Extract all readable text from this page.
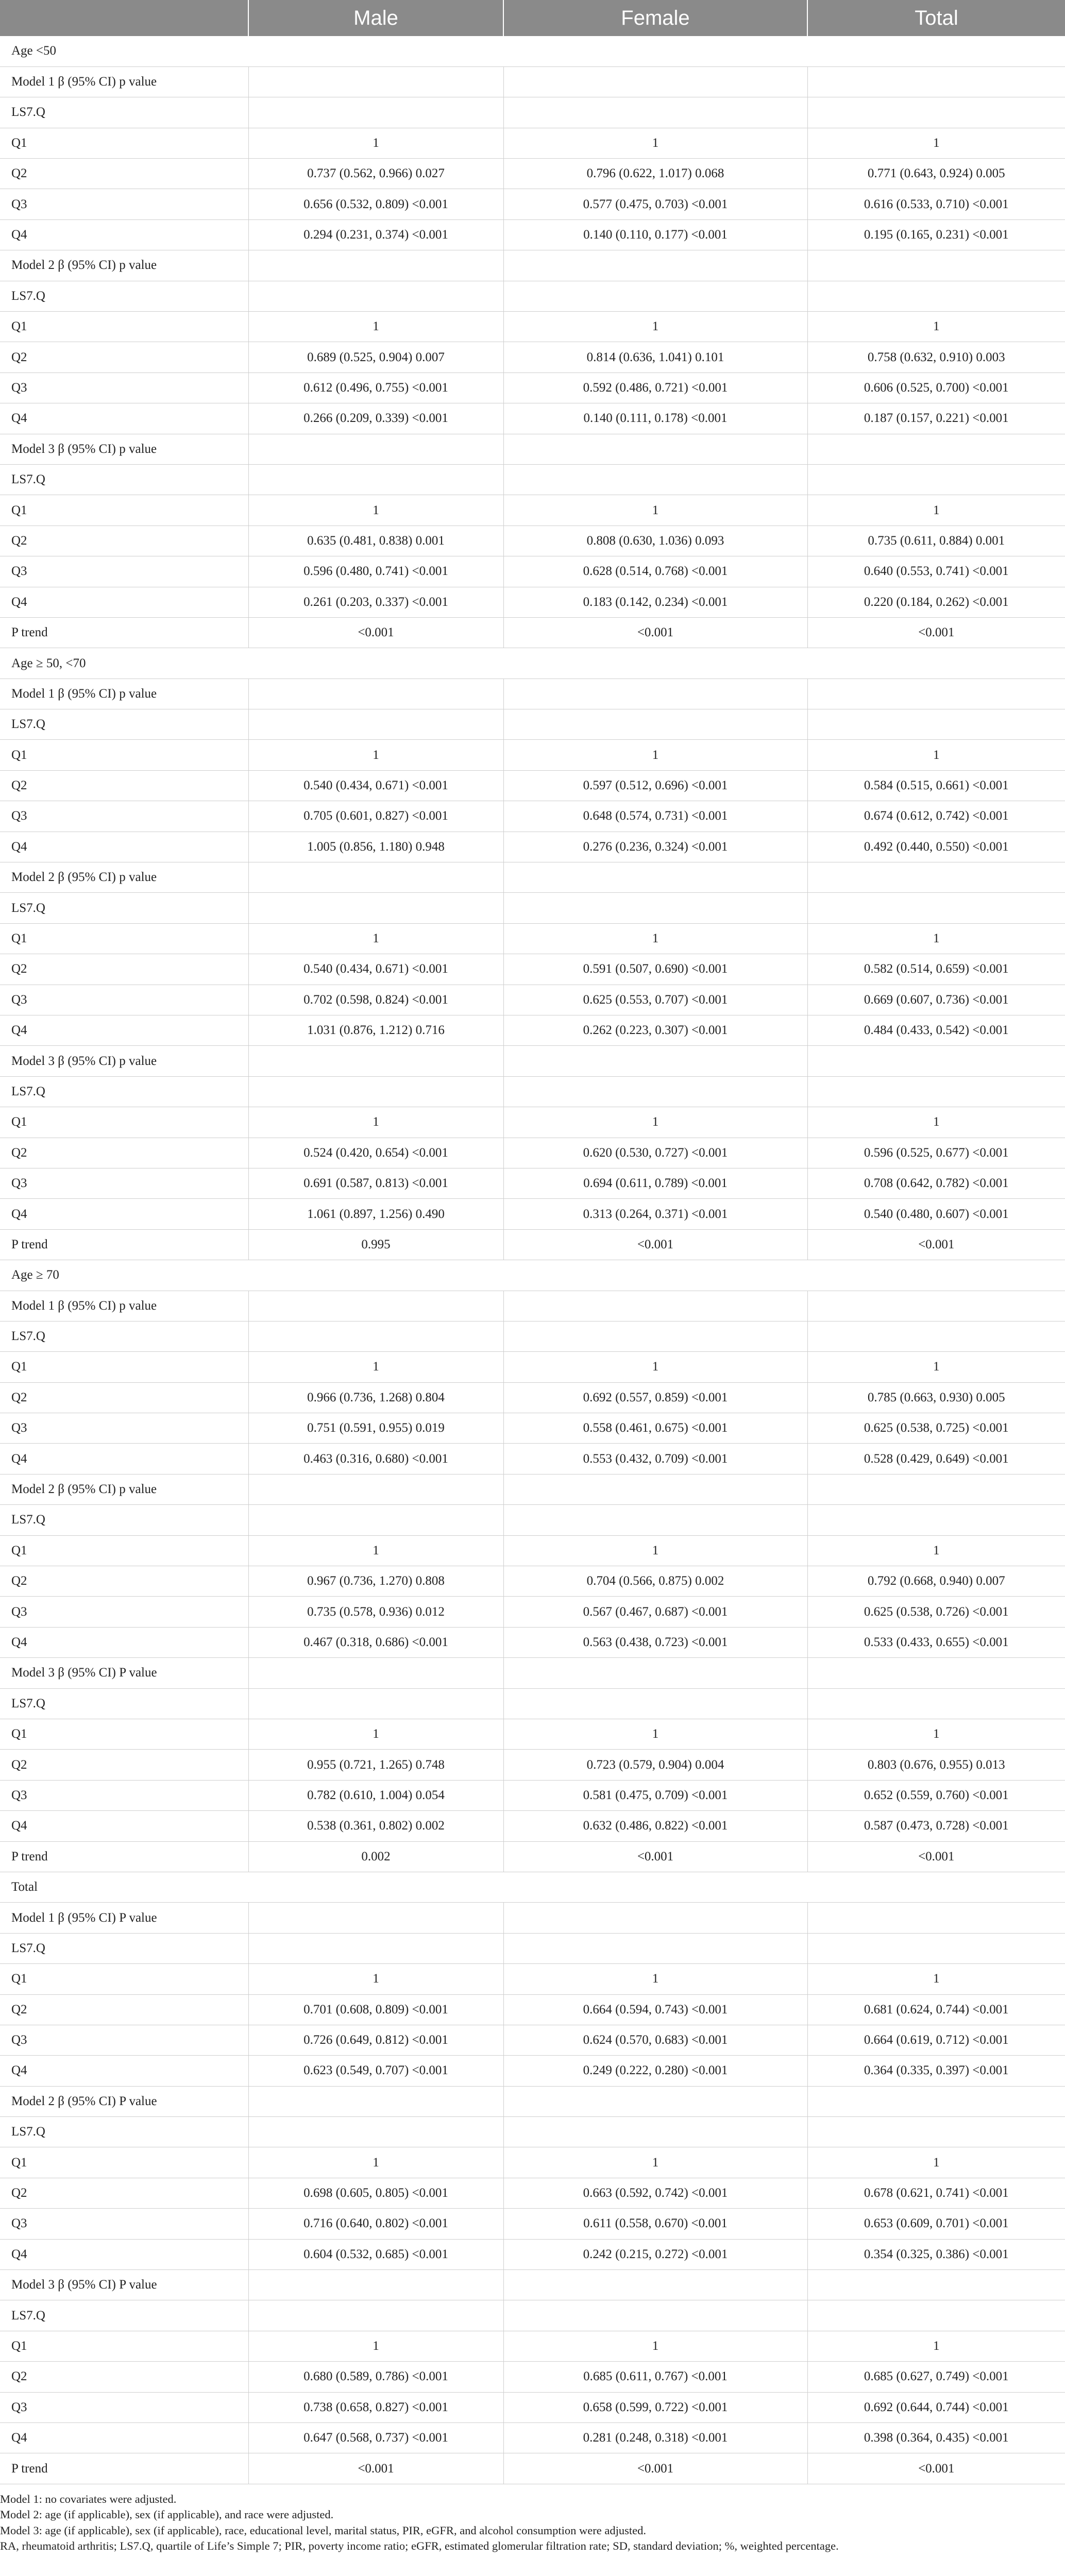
	Male	Female	Total
Age <50			
Model 1 β (95% CI) p value			
LS7.Q			
Q1	1	1	1
Q2	0.737 (0.562, 0.966) 0.027	0.796 (0.622, 1.017) 0.068	0.771 (0.643, 0.924) 0.005
Q3	0.656 (0.532, 0.809) <0.001	0.577 (0.475, 0.703) <0.001	0.616 (0.533, 0.710) <0.001
Q4	0.294 (0.231, 0.374) <0.001	0.140 (0.110, 0.177) <0.001	0.195 (0.165, 0.231) <0.001
Model 2 β (95% CI) p value			
LS7.Q			
Q1	1	1	1
Q2	0.689 (0.525, 0.904) 0.007	0.814 (0.636, 1.041) 0.101	0.758 (0.632, 0.910) 0.003
Q3	0.612 (0.496, 0.755) <0.001	0.592 (0.486, 0.721) <0.001	0.606 (0.525, 0.700) <0.001
Q4	0.266 (0.209, 0.339) <0.001	0.140 (0.111, 0.178) <0.001	0.187 (0.157, 0.221) <0.001
Model 3 β (95% CI) p value			
LS7.Q			
Q1	1	1	1
Q2	0.635 (0.481, 0.838) 0.001	0.808 (0.630, 1.036) 0.093	0.735 (0.611, 0.884) 0.001
Q3	0.596 (0.480, 0.741) <0.001	0.628 (0.514, 0.768) <0.001	0.640 (0.553, 0.741) <0.001
Q4	0.261 (0.203, 0.337) <0.001	0.183 (0.142, 0.234) <0.001	0.220 (0.184, 0.262) <0.001
P trend	<0.001	<0.001	<0.001
Age ≥ 50, <70			
Model 1 β (95% CI) p value			
LS7.Q			
Q1	1	1	1
Q2	0.540 (0.434, 0.671) <0.001	0.597 (0.512, 0.696) <0.001	0.584 (0.515, 0.661) <0.001
Q3	0.705 (0.601, 0.827) <0.001	0.648 (0.574, 0.731) <0.001	0.674 (0.612, 0.742) <0.001
Q4	1.005 (0.856, 1.180) 0.948	0.276 (0.236, 0.324) <0.001	0.492 (0.440, 0.550) <0.001
Model 2 β (95% CI) p value			
LS7.Q			
Q1	1	1	1
Q2	0.540 (0.434, 0.671) <0.001	0.591 (0.507, 0.690) <0.001	0.582 (0.514, 0.659) <0.001
Q3	0.702 (0.598, 0.824) <0.001	0.625 (0.553, 0.707) <0.001	0.669 (0.607, 0.736) <0.001
Q4	1.031 (0.876, 1.212) 0.716	0.262 (0.223, 0.307) <0.001	0.484 (0.433, 0.542) <0.001
Model 3 β (95% CI) p value			
LS7.Q			
Q1	1	1	1
Q2	0.524 (0.420, 0.654) <0.001	0.620 (0.530, 0.727) <0.001	0.596 (0.525, 0.677) <0.001
Q3	0.691 (0.587, 0.813) <0.001	0.694 (0.611, 0.789) <0.001	0.708 (0.642, 0.782) <0.001
Q4	1.061 (0.897, 1.256) 0.490	0.313 (0.264, 0.371) <0.001	0.540 (0.480, 0.607) <0.001
P trend	0.995	<0.001	<0.001
Age ≥ 70			
Model 1 β (95% CI) p value			
LS7.Q			
Q1	1	1	1
Q2	0.966 (0.736, 1.268) 0.804	0.692 (0.557, 0.859) <0.001	0.785 (0.663, 0.930) 0.005
Q3	0.751 (0.591, 0.955) 0.019	0.558 (0.461, 0.675) <0.001	0.625 (0.538, 0.725) <0.001
Q4	0.463 (0.316, 0.680) <0.001	0.553 (0.432, 0.709) <0.001	0.528 (0.429, 0.649) <0.001
Model 2 β (95% CI) p value			
LS7.Q			
Q1	1	1	1
Q2	0.967 (0.736, 1.270) 0.808	0.704 (0.566, 0.875) 0.002	0.792 (0.668, 0.940) 0.007
Q3	0.735 (0.578, 0.936) 0.012	0.567 (0.467, 0.687) <0.001	0.625 (0.538, 0.726) <0.001
Q4	0.467 (0.318, 0.686) <0.001	0.563 (0.438, 0.723) <0.001	0.533 (0.433, 0.655) <0.001
Model 3 β (95% CI) P value			
LS7.Q			
Q1	1	1	1
Q2	0.955 (0.721, 1.265) 0.748	0.723 (0.579, 0.904) 0.004	0.803 (0.676, 0.955) 0.013
Q3	0.782 (0.610, 1.004) 0.054	0.581 (0.475, 0.709) <0.001	0.652 (0.559, 0.760) <0.001
Q4	0.538 (0.361, 0.802) 0.002	0.632 (0.486, 0.822) <0.001	0.587 (0.473, 0.728) <0.001
P trend	0.002	<0.001	<0.001
Total			
Model 1 β (95% CI) P value			
LS7.Q			
Q1	1	1	1
Q2	0.701 (0.608, 0.809) <0.001	0.664 (0.594, 0.743) <0.001	0.681 (0.624, 0.744) <0.001
Q3	0.726 (0.649, 0.812) <0.001	0.624 (0.570, 0.683) <0.001	0.664 (0.619, 0.712) <0.001
Q4	0.623 (0.549, 0.707) <0.001	0.249 (0.222, 0.280) <0.001	0.364 (0.335, 0.397) <0.001
Model 2 β (95% CI) P value			
LS7.Q			
Q1	1	1	1
Q2	0.698 (0.605, 0.805) <0.001	0.663 (0.592, 0.742) <0.001	0.678 (0.621, 0.741) <0.001
Q3	0.716 (0.640, 0.802) <0.001	0.611 (0.558, 0.670) <0.001	0.653 (0.609, 0.701) <0.001
Q4	0.604 (0.532, 0.685) <0.001	0.242 (0.215, 0.272) <0.001	0.354 (0.325, 0.386) <0.001
Model 3 β (95% CI) P value			
LS7.Q			
Q1	1	1	1
Q2	0.680 (0.589, 0.786) <0.001	0.685 (0.611, 0.767) <0.001	0.685 (0.627, 0.749) <0.001
Q3	0.738 (0.658, 0.827) <0.001	0.658 (0.599, 0.722) <0.001	0.692 (0.644, 0.744) <0.001
Q4	0.647 (0.568, 0.737) <0.001	0.281 (0.248, 0.318) <0.001	0.398 (0.364, 0.435) <0.001
P trend	<0.001	<0.001	<0.001
Model 1: no covariates were adjusted.
Model 2: age (if applicable), sex (if applicable), and race were adjusted.
Model 3: age (if applicable), sex (if applicable), race, educational level, marital status, PIR, eGFR, and alcohol consumption were adjusted.
RA, rheumatoid arthritis; LS7.Q, quartile of Life’s Simple 7; PIR, poverty income ratio; eGFR, estimated glomerular filtration rate; SD, standard deviation; %, weighted percentage.
